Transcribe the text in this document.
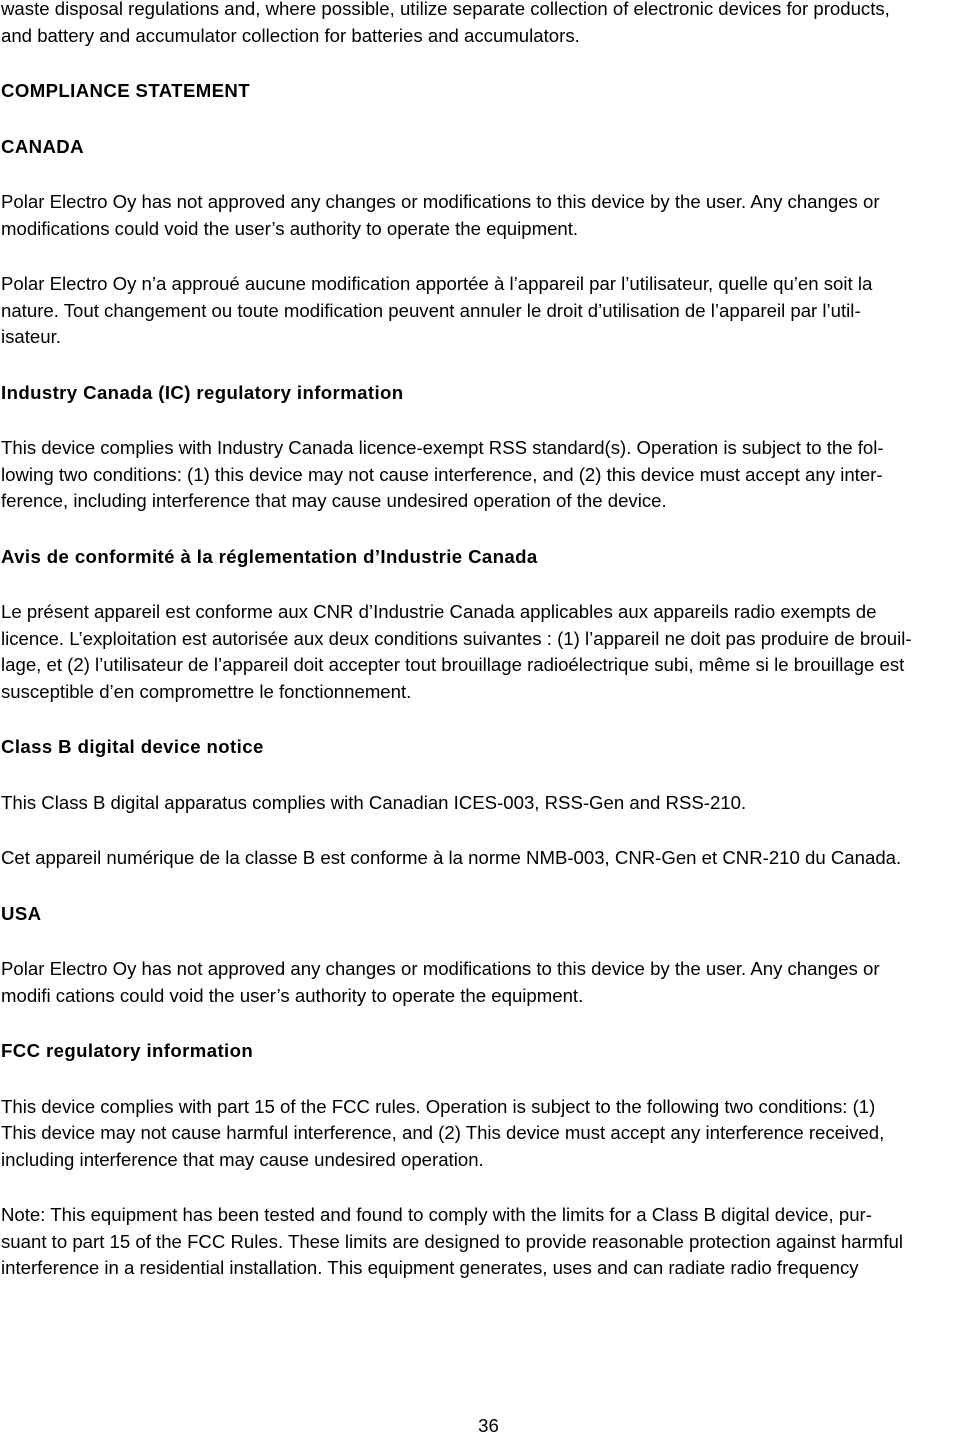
waste disposal regulations and, where possible, utilize separate collection of electronic devices for products,
and battery and accumulator collection for batteries and accumulators.

COMPLIANCE STATEMENT
CANADA

Polar Electro Oy has not approved any changes or modifications to this device by the user. Any changes or
modifications could void the user’s authority to operate the equipment.

Polar Electro Oy n’a approué aucune modification apportée à l’appareil par l’utilisateur, quelle qu’en soit la
nature. Tout changement ou toute modification peuvent annuler le droit d’utilisation de l’appareil par l’util-
isateur.

Industry Canada (IC) regulatory information

This device complies with Industry Canada licence-exempt RSS standard(s). Operation is subject to the fol-
lowing two conditions: (1) this device may not cause interference, and (2) this device must accept any inter-
ference, including interference that may cause undesired operation of the device.

Avis de conformité à la réglementation d’Industrie Canada

Le présent appareil est conforme aux CNR d’Industrie Canada applicables aux appareils radio exempts de
licence. L’exploitation est autorisée aux deux conditions suivantes : (1) l’appareil ne doit pas produire de brouil-
lage, et (2) l’utilisateur de l’appareil doit accepter tout brouillage radioélectrique subi, même si le brouillage est
susceptible d’en compromettre le fonctionnement.

Class B digital device notice

This Class B digital apparatus complies with Canadian ICES-003, RSS-Gen and RSS-210.

Cet appareil numérique de la classe B est conforme à la norme NMB-003, CNR-Gen et CNR-210 du Canada.

USA

Polar Electro Oy has not approved any changes or modifications to this device by the user. Any changes or
modifi cations could void the user’s authority to operate the equipment.

FCC regulatory information

This device complies with part 15 of the FCC rules. Operation is subject to the following two conditions: (1)
This device may not cause harmful interference, and (2) This device must accept any interference received,
including interference that may cause undesired operation.

Note: This equipment has been tested and found to comply with the limits for a Class B digital device, pur-
suant to part 15 of the FCC Rules. These limits are designed to provide reasonable protection against harmful
interference in a residential installation. This equipment generates, uses and can radiate radio frequency

36
